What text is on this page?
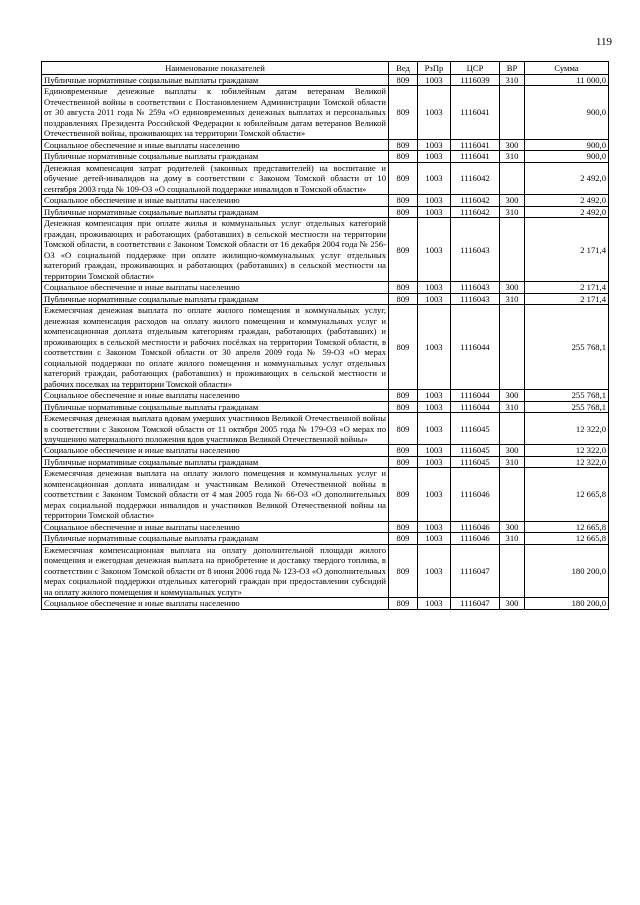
119
Наименование показателей	Вед	РзПр	ЦСР	ВР	Сумма
Публичные нормативные социальные выплаты гражданам	809	1003	1116039	310	11 000,0
Единовременные денежные выплаты к юбилейным датам ветеранам Великой Отечественной войны в соответствии с Постановлением Администрации Томской области от 30 августа 2011 года № 259а «О единовременных денежных выплатах и персональных поздравлениях Президента Российской Федерации к юбилейным датам ветеранов Великой Отечественной войны, проживающих на территории Томской области»	809	1003	1116041		900,0
Социальное обеспечение и иные выплаты населению	809	1003	1116041	300	900,0
Публичные нормативные социальные выплаты гражданам	809	1003	1116041	310	900,0
Денежная компенсация затрат родителей (законных представителей) на воспитание и обучение детей-инвалидов на дому в соответствии с Законом Томской области от 10 сентября 2003 года № 109-ОЗ «О социальной поддержке инвалидов в Томской области»	809	1003	1116042		2 492,0
Социальное обеспечение и иные выплаты населению	809	1003	1116042	300	2 492,0
Публичные нормативные социальные выплаты гражданам	809	1003	1116042	310	2 492,0
Денежная компенсация при оплате жилья и коммунальных услуг отдельных категорий граждан, проживающих и работающих (работавших) в сельской местности на территории Томской области, в соответствии с Законом Томской области от 16 декабря 2004 года № 256-ОЗ «О социальной поддержке при оплате жилищно-коммунальных услуг отдельных категорий граждан, проживающих и работающих (работавших) в сельской местности на территории Томской области»	809	1003	1116043		2 171,4
Социальное обеспечение и иные выплаты населению	809	1003	1116043	300	2 171,4
Публичные нормативные социальные выплаты гражданам	809	1003	1116043	310	2 171,4
Ежемесячная денежная выплата по оплате жилого помещения и коммунальных услуг, денежная компенсация расходов на оплату жилого помещения и коммунальных услуг и компенсационная доплата отдельным категориям граждан, работающих (работавших) и проживающих в сельской местности и рабочих посёлках на территории Томской области, в соответствии с Законом Томской области от 30 апреля 2009 года № 59-ОЗ «О мерах социальной поддержки по оплате жилого помещения и коммунальных услуг отдельных категорий граждан, работающих (работавших) и проживающих в сельской местности и рабочих поселках на территории Томской области»	809	1003	1116044		255 768,1
Социальное обеспечение и иные выплаты населению	809	1003	1116044	300	255 768,1
Публичные нормативные социальные выплаты гражданам	809	1003	1116044	310	255 768,1
Ежемесячная денежная выплата вдовам умерших участников Великой Отечественной войны в соответствии с Законом Томской области от 11 октября 2005 года № 179-ОЗ «О мерах по улучшению материального положения вдов участников Великой Отечественной войны»	809	1003	1116045		12 322,0
Социальное обеспечение и иные выплаты населению	809	1003	1116045	300	12 322,0
Публичные нормативные социальные выплаты гражданам	809	1003	1116045	310	12 322,0
Ежемесячная денежная выплата на оплату жилого помещения и коммунальных услуг и компенсационная доплата инвалидам и участникам Великой Отечественной войны в соответствии с Законом Томской области от 4 мая 2005 года № 66-ОЗ «О дополнительных мерах социальной поддержки инвалидов и участников Великой Отечественной войны на территории Томской области»	809	1003	1116046		12 665,8
Социальное обеспечение и иные выплаты населению	809	1003	1116046	300	12 665,8
Публичные нормативные социальные выплаты гражданам	809	1003	1116046	310	12 665,8
Ежемесячная компенсационная выплата на оплату дополнительной площади жилого помещения и ежегодная денежная выплата на приобретение и доставку твердого топлива, в соответствии с Законом Томской области от 8 июня 2006 года № 123-ОЗ «О дополнительных мерах социальной поддержки отдельных категорий граждан при предоставлении субсидий на оплату жилого помещения и коммунальных услуг»	809	1003	1116047		180 200,0
Социальное обеспечение и иные выплаты населению	809	1003	1116047	300	180 200,0
